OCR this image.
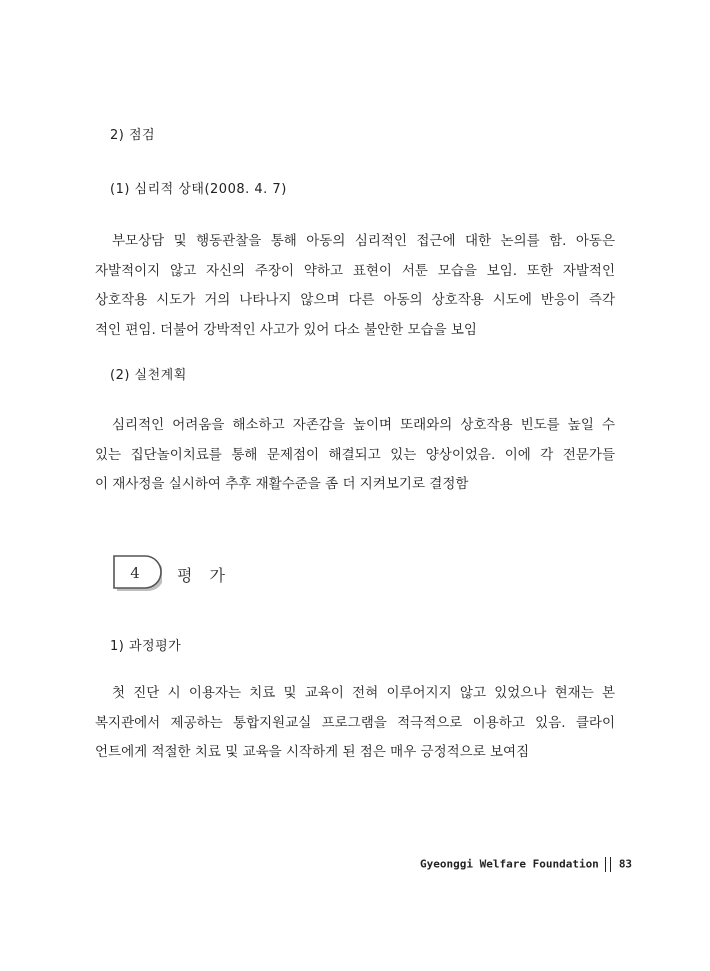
2) 점검
(1) 심리적 상태(2008. 4. 7)
부모상담 및 행동관찰을 통해 아동의 심리적인 접근에 대한 논의를 함. 아동은
자발적이지 않고 자신의 주장이 약하고 표현이 서툰 모습을 보임. 또한 자발적인
상호작용 시도가 거의 나타나지 않으며 다른 아동의 상호작용 시도에 반응이 즉각
적인 편임. 더불어 강박적인 사고가 있어 다소 불안한 모습을 보임
(2) 실천계획
심리적인 어려움을 해소하고 자존감을 높이며 또래와의 상호작용 빈도를 높일 수
있는 집단놀이치료를 통해 문제점이 해결되고 있는 양상이었음. 이에 각 전문가들
이 재사정을 실시하여 추후 재활수준을 좀 더 지켜보기로 결정함
4 평 가
1) 과정평가
첫 진단 시 이용자는 치료 및 교육이 전혀 이루어지지 않고 있었으나 현재는 본
복지관에서 제공하는 통합지원교실 프로그램을 적극적으로 이용하고 있음. 클라이
언트에게 적절한 치료 및 교육을 시작하게 된 점은 매우 긍정적으로 보여짐
Gyeonggi Welfare Foundation 83
